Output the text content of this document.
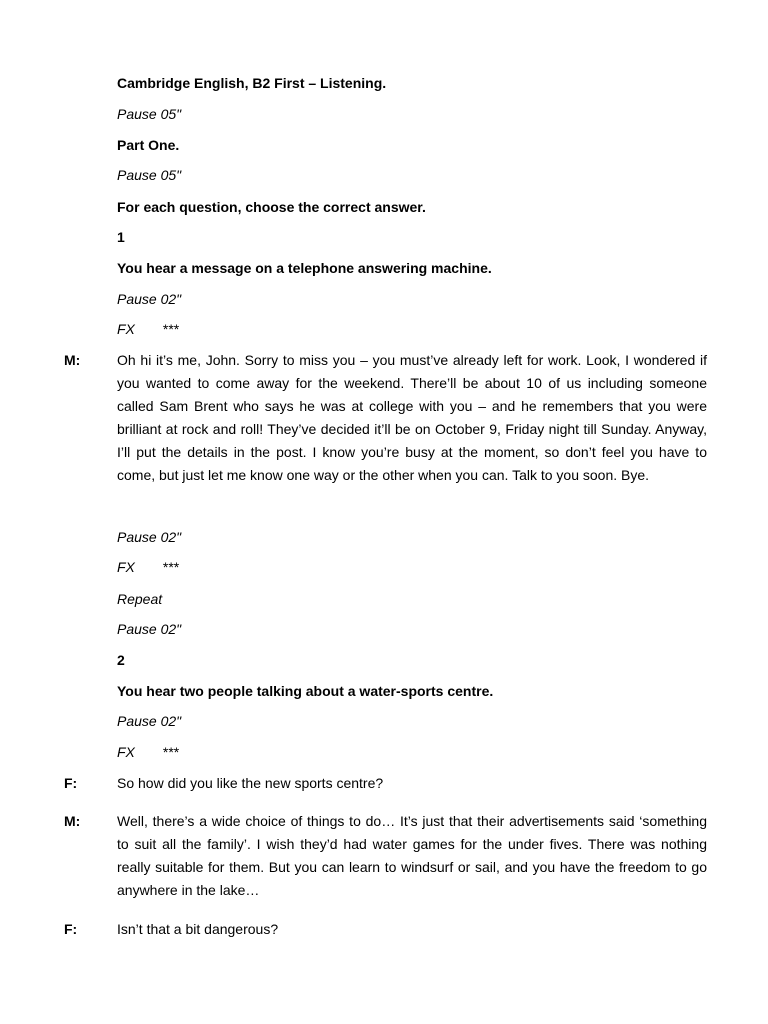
Cambridge English, B2 First – Listening.
Pause 05"
Part One.
Pause 05"
For each question, choose the correct answer.
1
You hear a message on a telephone answering machine.
Pause 02"
FX ***
M:	Oh hi it’s me, John. Sorry to miss you – you must’ve already left for work. Look, I wondered if you wanted to come away for the weekend. There’ll be about 10 of us including someone called Sam Brent who says he was at college with you – and he remembers that you were brilliant at rock and roll! They’ve decided it’ll be on October 9, Friday night till Sunday. Anyway, I’ll put the details in the post. I know you’re busy at the moment, so don’t feel you have to come, but just let me know one way or the other when you can. Talk to you soon. Bye.
Pause 02"
FX ***
Repeat
Pause 02"
2
You hear two people talking about a water-sports centre.
Pause 02"
FX ***
F:	So how did you like the new sports centre?
M:	Well, there’s a wide choice of things to do… It’s just that their advertisements said ‘something to suit all the family’. I wish they’d had water games for the under fives. There was nothing really suitable for them. But you can learn to windsurf or sail, and you have the freedom to go anywhere in the lake…
F:	Isn’t that a bit dangerous?
